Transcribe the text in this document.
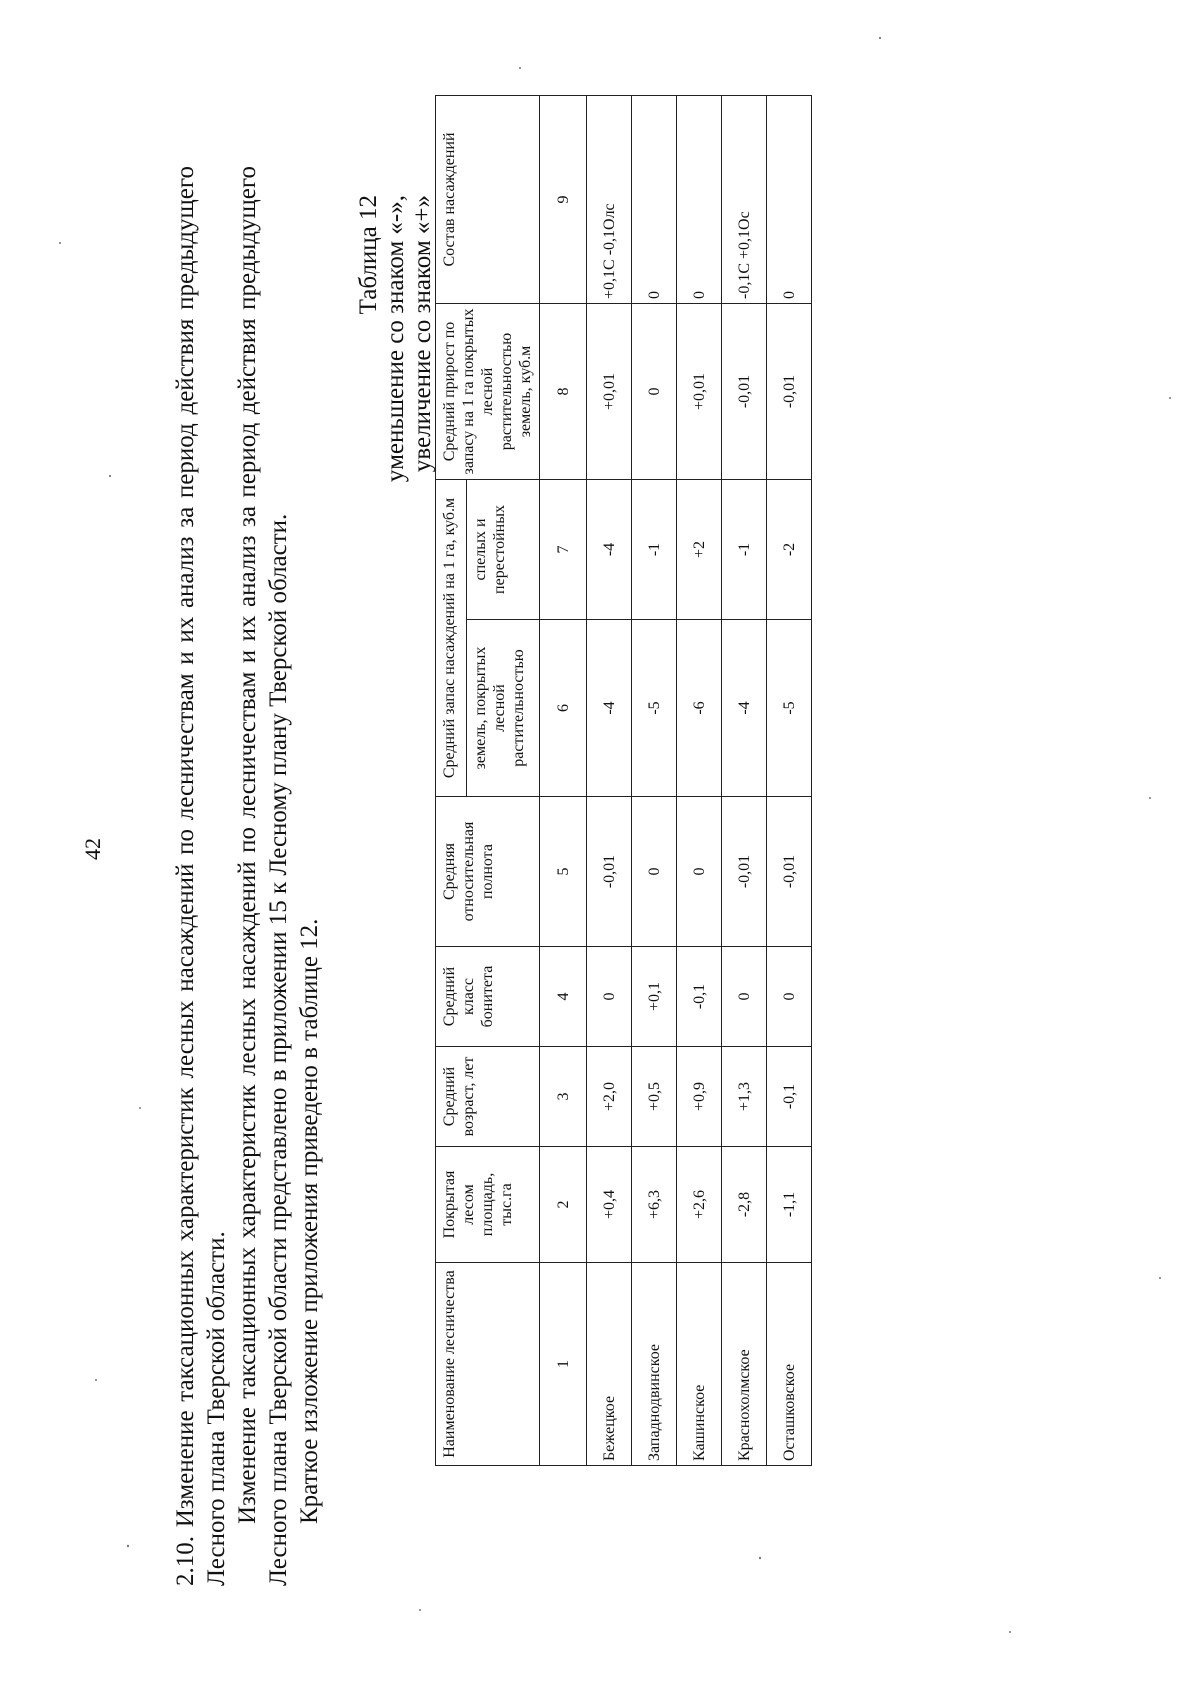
42	2.10. Изменение таксационных характеристик лесных насаждений по лесничествам и их анализ за период действия предыдущего Лесного плана Тверской области. Изменение таксационных характеристик лесных насаждений по лесничествам и их анализ за период действия предыдущего Лесного плана Тверской области представлено в приложении 15 к Лесному плану Тверской области. Краткое изложение приложения приведено в таблице 12.

Таблица 12 уменьшение со знаком «-», увеличение со знаком «+»
Наименование лесничества	Покрытая лесом площадь, тыс.га	Средний возраст, лет	Средний класс бонитета	Средняя относительная полнота	Средний запас насаждений на 1 га, куб.м		Средний прирост по запасу на 1 га покрытых лесной растительностью земель, куб.м	Состав насаждений
					земель, покрытых лесной растительностью	спелых и перестойных		
1	2	3	4	5	6	7	8	9
Бежецкое	+0,4	+2,0	0	-0,01	-4	-4	+0,01	+0,1С -0,1Олс
Западнодвинское	+6,3	+0,5	+0,1	0	-5	-1	0	0
Кашинское	+2,6	+0,9	-0,1	0	-6	+2	+0,01	0
Краснохолмское	-2,8	+1,3	0	-0,01	-4	-1	-0,01	-0,1С +0,1Ос
Осташковское	-1,1	-0,1	0	-0,01	-5	-2	-0,01	0
